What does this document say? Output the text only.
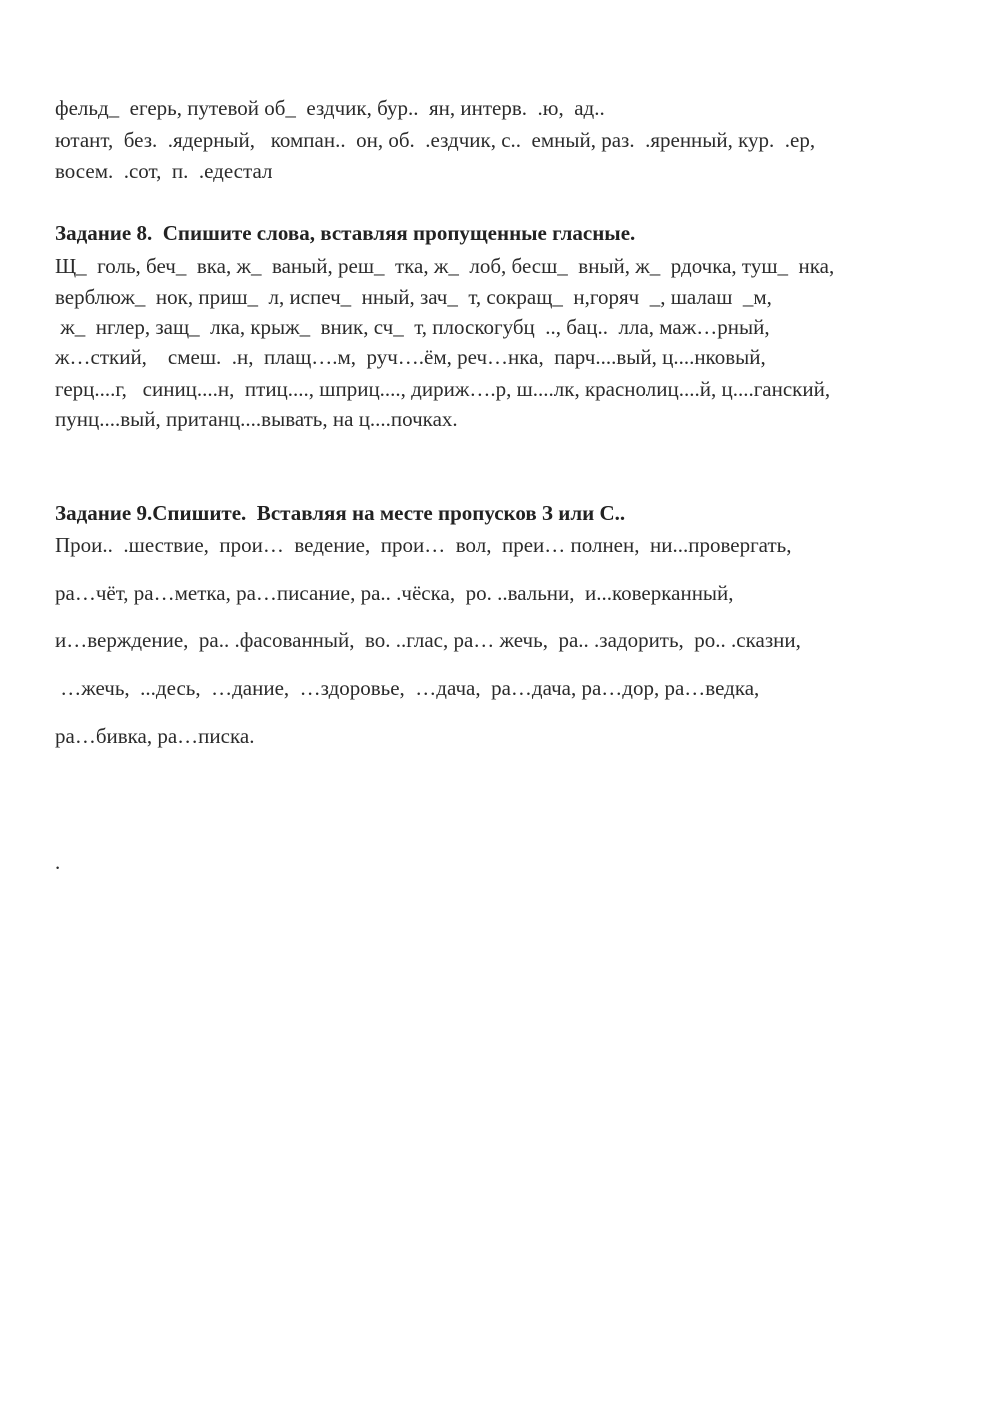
фельд_  егерь, путевой об_  ездчик, бур..  ян, интерв.  .ю,  ад..
ютант,  без.  .ядерный,   компан..  он, об.  .ездчик, с..  емный, раз.  .яренный, кур.  .ер,
восем.  .сот,  п.  .едестал
Задание 8.  Спишите слова, вставляя пропущенные гласные.
Щ_  голь, беч_  вка, ж_  ваный, реш_  тка, ж_  лоб, бесш_  вный, ж_  рдочка, туш_  нка,
верблюж_  нок, приш_  л, испеч_  нный, зач_  т, сокращ_  н,горяч  _, шалаш  _м,
ж_  нглер, защ_  лка, крыж_  вник, сч_  т, плоскогубц  .., бац..  лла, маж…рный,
ж…сткий,    смеш.  .н,  плащ….м,  руч….ём, реч…нка,  парч....вый, ц....нковый,
герц....г,   синиц....н,  птиц...., шприц...., дириж….р, ш....лк, краснолиц....й, ц....ганский,
пунц....вый, пританц....вывать, на ц....почках.
Задание 9.Спишите.  Вставляя на месте пропусков З или С..
Прои..  .шествие,  прои…  ведение,  прои…  вол,  преи… полнен,  ни...провергать,
ра…чёт, ра…метка, ра…писание, ра.. .чёска,  ро. ..вальни,  и...коверканный,
и…верждение,  ра.. .фасованный,  во. ..глас, ра… жечь,  ра.. .задорить,  ро.. .сказни,
…жечь,  ...десь,  …дание,  …здоровье,  …дача,  ра…дача, ра…дор, ра…ведка,
ра…бивка, ра…писка.
.
